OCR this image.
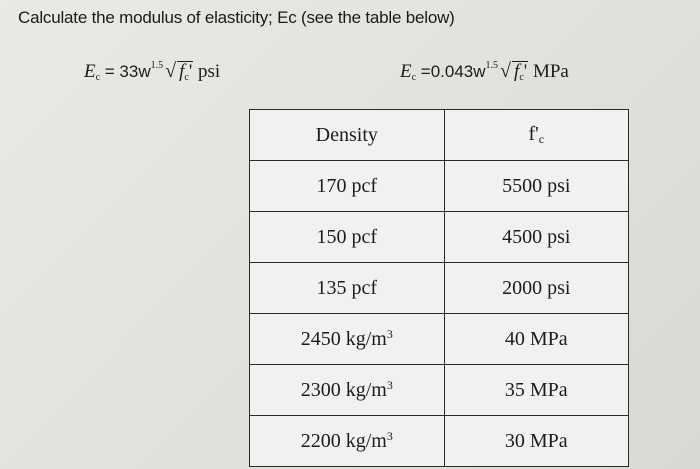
Calculate the modulus of elasticity; Ec (see the table below)
$E_c = 33w^{1.5}$ √ $f_c'$ psi	$E_c =0.043w^{1.5}$ √ $f_c'$ MPa
Density	$f'_c$
170 pcf	5500 psi
150 pcf	4500 psi
135 pcf	2000 psi
2450 $kg/m^3$	40 MPa
2300 $kg/m^3$	35 MPa
2200 $kg/m^3$	30 MPa
